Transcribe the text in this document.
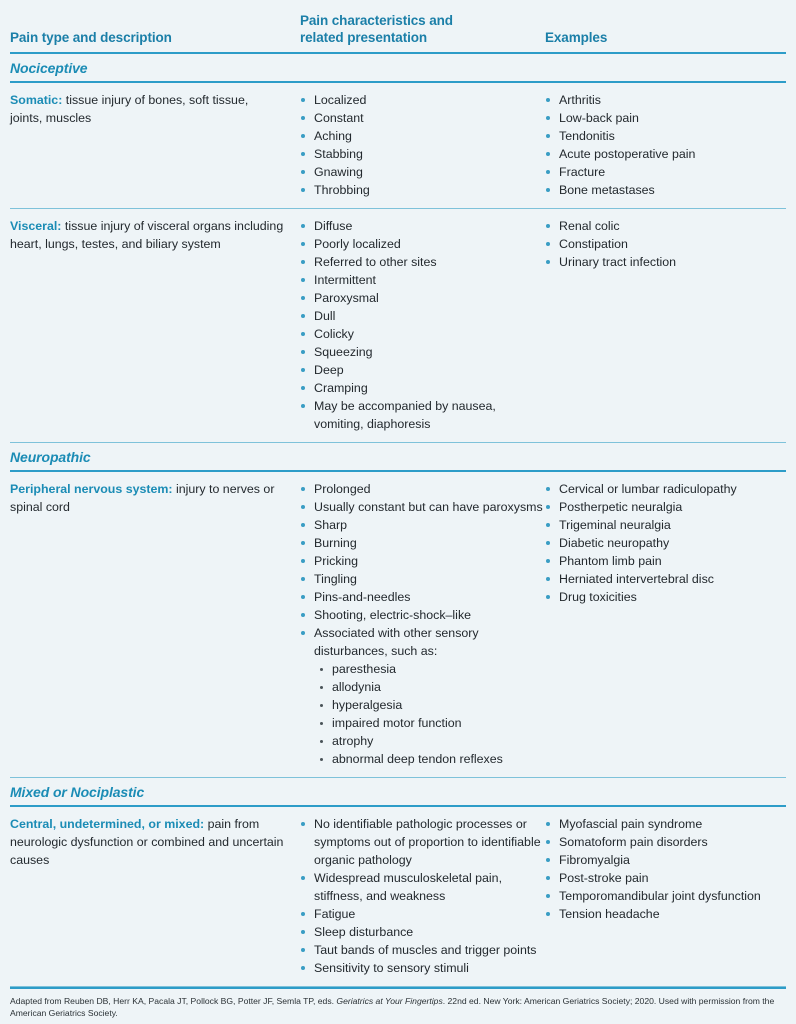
Pain type and description
Pain characteristics and
related presentation	Examples
Nociceptive
Somatic: tissue injury of bones, soft tissue, joints, muscles
Localized
Constant
Aching
Stabbing
Gnawing
Throbbing
Arthritis
Low-back pain
Tendonitis
Acute postoperative pain
Fracture
Bone metastases
Visceral: tissue injury of visceral organs including heart, lungs, testes, and biliary system
Diffuse
Poorly localized
Referred to other sites
Intermittent
Paroxysmal
Dull
Colicky
Squeezing
Deep
Cramping
May be accompanied by nausea, vomiting, diaphoresis
Renal colic
Constipation
Urinary tract infection
Neuropathic
Peripheral nervous system: injury to nerves or spinal cord
Prolonged
Usually constant but can have paroxysms
Sharp
Burning
Pricking
Tingling
Pins-and-needles
Shooting, electric-shock–like
Associated with other sensory disturbances, such as:
paresthesia
allodynia
hyperalgesia
impaired motor function
atrophy
abnormal deep tendon reflexes
Cervical or lumbar radiculopathy
Postherpetic neuralgia
Trigeminal neuralgia
Diabetic neuropathy
Phantom limb pain
Herniated intervertebral disc
Drug toxicities
Mixed or Nociplastic
Central, undetermined, or mixed: pain from neurologic dysfunction or combined and uncertain causes
No identifiable pathologic processes or symptoms out of proportion to identifiable organic pathology
Widespread musculoskeletal pain, stiffness, and weakness
Fatigue
Sleep disturbance
Taut bands of muscles and trigger points
Sensitivity to sensory stimuli
Myofascial pain syndrome
Somatoform pain disorders
Fibromyalgia
Post-stroke pain
Temporomandibular joint dysfunction
Tension headache
Adapted from Reuben DB, Herr KA, Pacala JT, Pollock BG, Potter JF, Semla TP, eds. Geriatrics at Your Fingertips. 22nd ed. New York: American Geriatrics Society; 2020. Used with permission from the American Geriatrics Society.
